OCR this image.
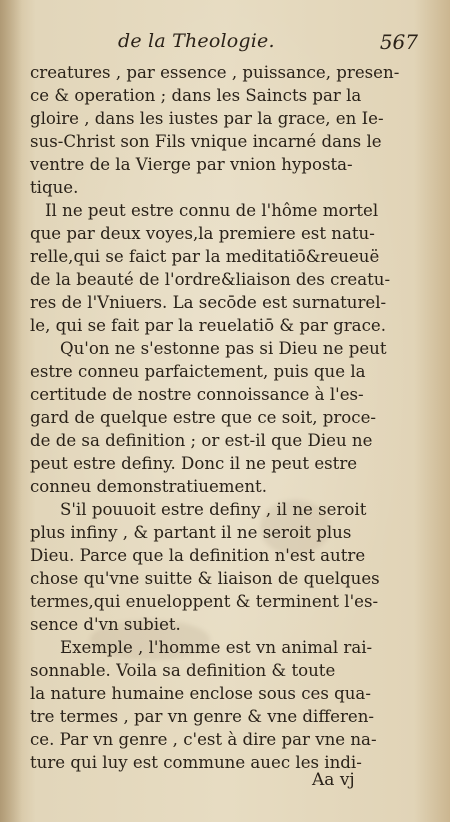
de la Theologie.	567
creatures , par essence , puissance, presen-
ce & operation ; dans les Saincts par la
gloire , dans les iustes par la grace, en Ie-
sus-Christ son Fils vnique incarné dans le
ventre de la Vierge par vnion hyposta-
tique.
Il ne peut estre connu de l'hôme mortel
que par deux voyes,la premiere est natu-
relle,qui se faict par la meditatiō&reueuë
de la beauté de l'ordre&liaison des creatu-
res de l'Vniuers. La secōde est surnaturel-
le, qui se fait par la reuelatiō & par grace.
Qu'on ne s'estonne pas si Dieu ne peut
estre conneu parfaictement, puis que la
certitude de nostre connoissance à l'es-
gard de quelque estre que ce soit, proce-
de de sa definition ; or est-il que Dieu ne
peut estre definy. Donc il ne peut estre
conneu demonstratiuement.
S'il pouuoit estre definy , il ne seroit
plus infiny , & partant il ne seroit plus
Dieu. Parce que la definition n'est autre
chose qu'vne suitte & liaison de quelques
termes,qui enueloppent & terminent l'es-
sence d'vn subiet.
Exemple , l'homme est vn animal rai-
sonnable. Voila sa definition & toute
la nature humaine enclose sous ces qua-
tre termes , par vn genre & vne differen-
ce. Par vn genre , c'est à dire par vne na-
ture qui luy est commune auec les indi-
Aa vj
